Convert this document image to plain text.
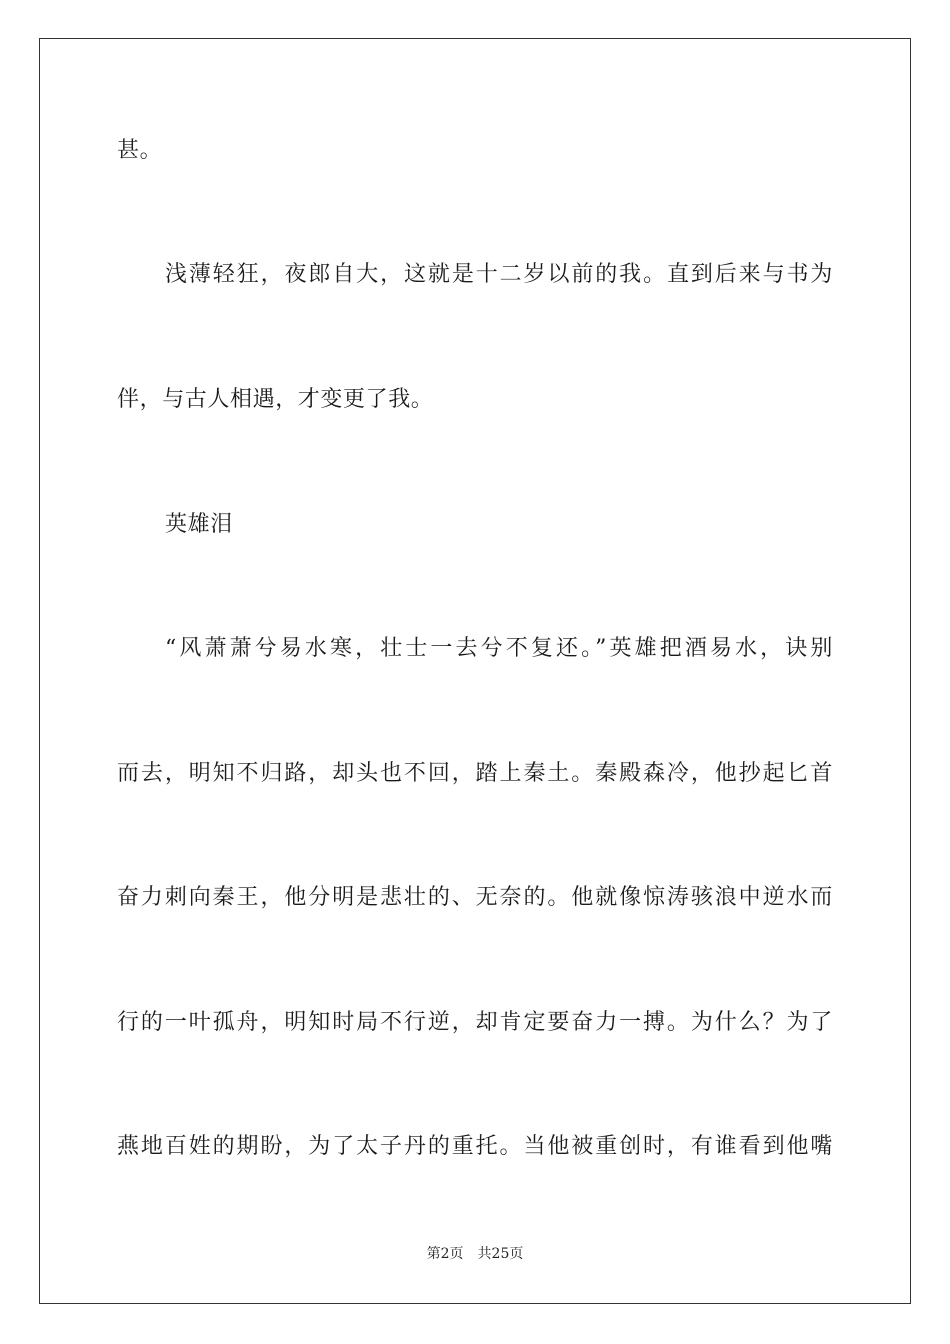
甚。
浅薄轻狂，夜郎自大，这就是十二岁以前的我。直到后来与书为
伴，与古人相遇，才变更了我。
英雄泪
“风萧萧兮易水寒，壮士一去兮不复还。”英雄把酒易水，诀别
而去，明知不归路，却头也不回，踏上秦土。秦殿森冷，他抄起匕首
奋力刺向秦王，他分明是悲壮的、无奈的。他就像惊涛骇浪中逆水而
行的一叶孤舟，明知时局不行逆，却肯定要奋力一搏。为什么？为了
燕地百姓的期盼，为了太子丹的重托。当他被重创时，有谁看到他嘴
第2页 共25页
